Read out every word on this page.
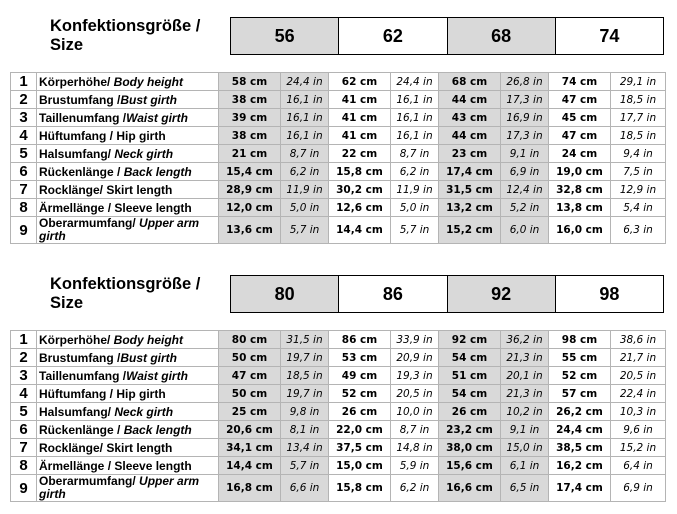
Konfektionsgröße / Size	56	62	68	74
1	Körperhöhe/ Body height	58 cm	24,4 in	62 cm	24,4 in	68 cm	26,8 in	74 cm	29,1 in
2	Brustumfang /Bust girth	38 cm	16,1 in	41 cm	16,1 in	44 cm	17,3 in	47 cm	18,5 in
3	Taillenumfang /Waist girth	39 cm	16,1 in	41 cm	16,1 in	43 cm	16,9 in	45 cm	17,7 in
4	Hüftumfang / Hip girth	38 cm	16,1 in	41 cm	16,1 in	44 cm	17,3 in	47 cm	18,5 in
5	Halsumfang/ Neck girth	21 cm	8,7 in	22 cm	8,7 in	23 cm	9,1 in	24 cm	9,4 in
6	Rückenlänge / Back length	15,4 cm	6,2 in	15,8 cm	6,2 in	17,4 cm	6,9 in	19,0 cm	7,5 in
7	Rocklänge/ Skirt length	28,9 cm	11,9 in	30,2 cm	11,9 in	31,5 cm	12,4 in	32,8 cm	12,9 in
8	Ärmellänge / Sleeve length	12,0 cm	5,0 in	12,6 cm	5,0 in	13,2 cm	5,2 in	13,8 cm	5,4 in
9	Oberarmumfang/ Upper arm girth	13,6 cm	5,7 in	14,4 cm	5,7 in	15,2 cm	6,0 in	16,0 cm	6,3 in
Konfektionsgröße / Size	80	86	92	98
1	Körperhöhe/ Body height	80 cm	31,5 in	86 cm	33,9 in	92 cm	36,2 in	98 cm	38,6 in
2	Brustumfang /Bust girth	50 cm	19,7 in	53 cm	20,9 in	54 cm	21,3 in	55 cm	21,7 in
3	Taillenumfang /Waist girth	47 cm	18,5 in	49 cm	19,3 in	51 cm	20,1 in	52 cm	20,5 in
4	Hüftumfang / Hip girth	50 cm	19,7 in	52 cm	20,5 in	54 cm	21,3 in	57 cm	22,4 in
5	Halsumfang/ Neck girth	25 cm	9,8 in	26 cm	10,0 in	26 cm	10,2 in	26,2 cm	10,3 in
6	Rückenlänge / Back length	20,6 cm	8,1 in	22,0 cm	8,7 in	23,2 cm	9,1 in	24,4 cm	9,6 in
7	Rocklänge/ Skirt length	34,1 cm	13,4 in	37,5 cm	14,8 in	38,0 cm	15,0 in	38,5 cm	15,2 in
8	Ärmellänge / Sleeve length	14,4 cm	5,7 in	15,0 cm	5,9 in	15,6 cm	6,1 in	16,2 cm	6,4 in
9	Oberarmumfang/ Upper arm girth	16,8 cm	6,6 in	15,8 cm	6,2 in	16,6 cm	6,5 in	17,4 cm	6,9 in
